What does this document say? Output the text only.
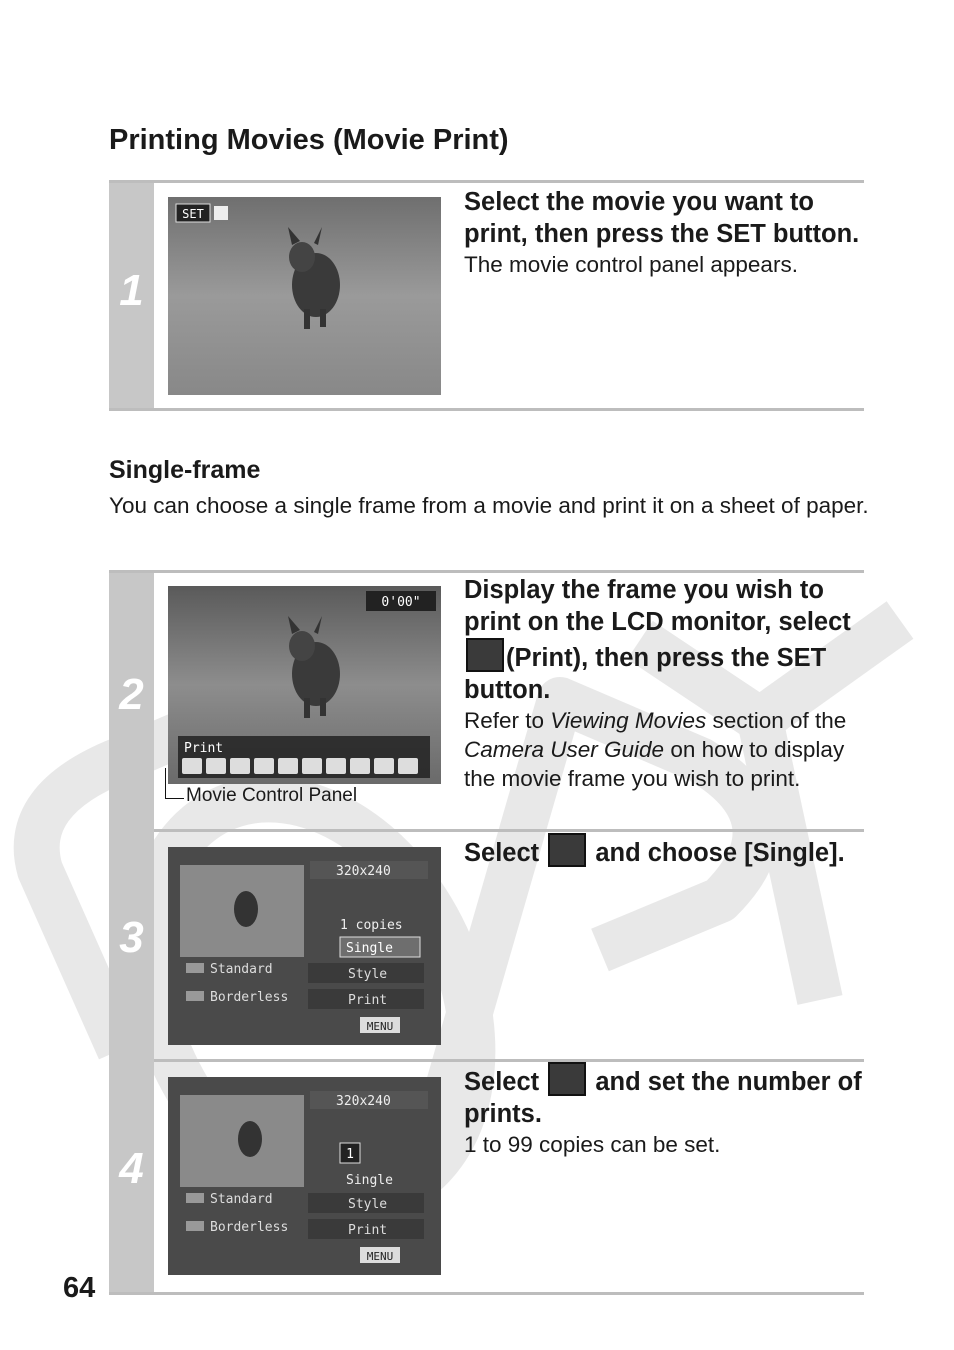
Printing Movies (Movie Print)
1
SET	Select the movie you want to print, then press the SET button.

The movie control panel appears.

Single-frame

You can choose a single frame from a movie and print it on a sheet of paper.

2
0'00"
Print

Display the frame you wish to print on the LCD monitor, select (Print), then press the SET button.

Refer to Viewing Movies section of the Camera User Guide on how to display the movie frame you wish to print.

Movie Control Panel
3
320x240
1 copies
Single
Standard	Style
Borderless	Print
MENU

Select and choose [Single].

4
320x240
1
Single
Standard	Style
Borderless	Print
MENU

Select and set the number of prints.

1 to 99 copies can be set.

64
